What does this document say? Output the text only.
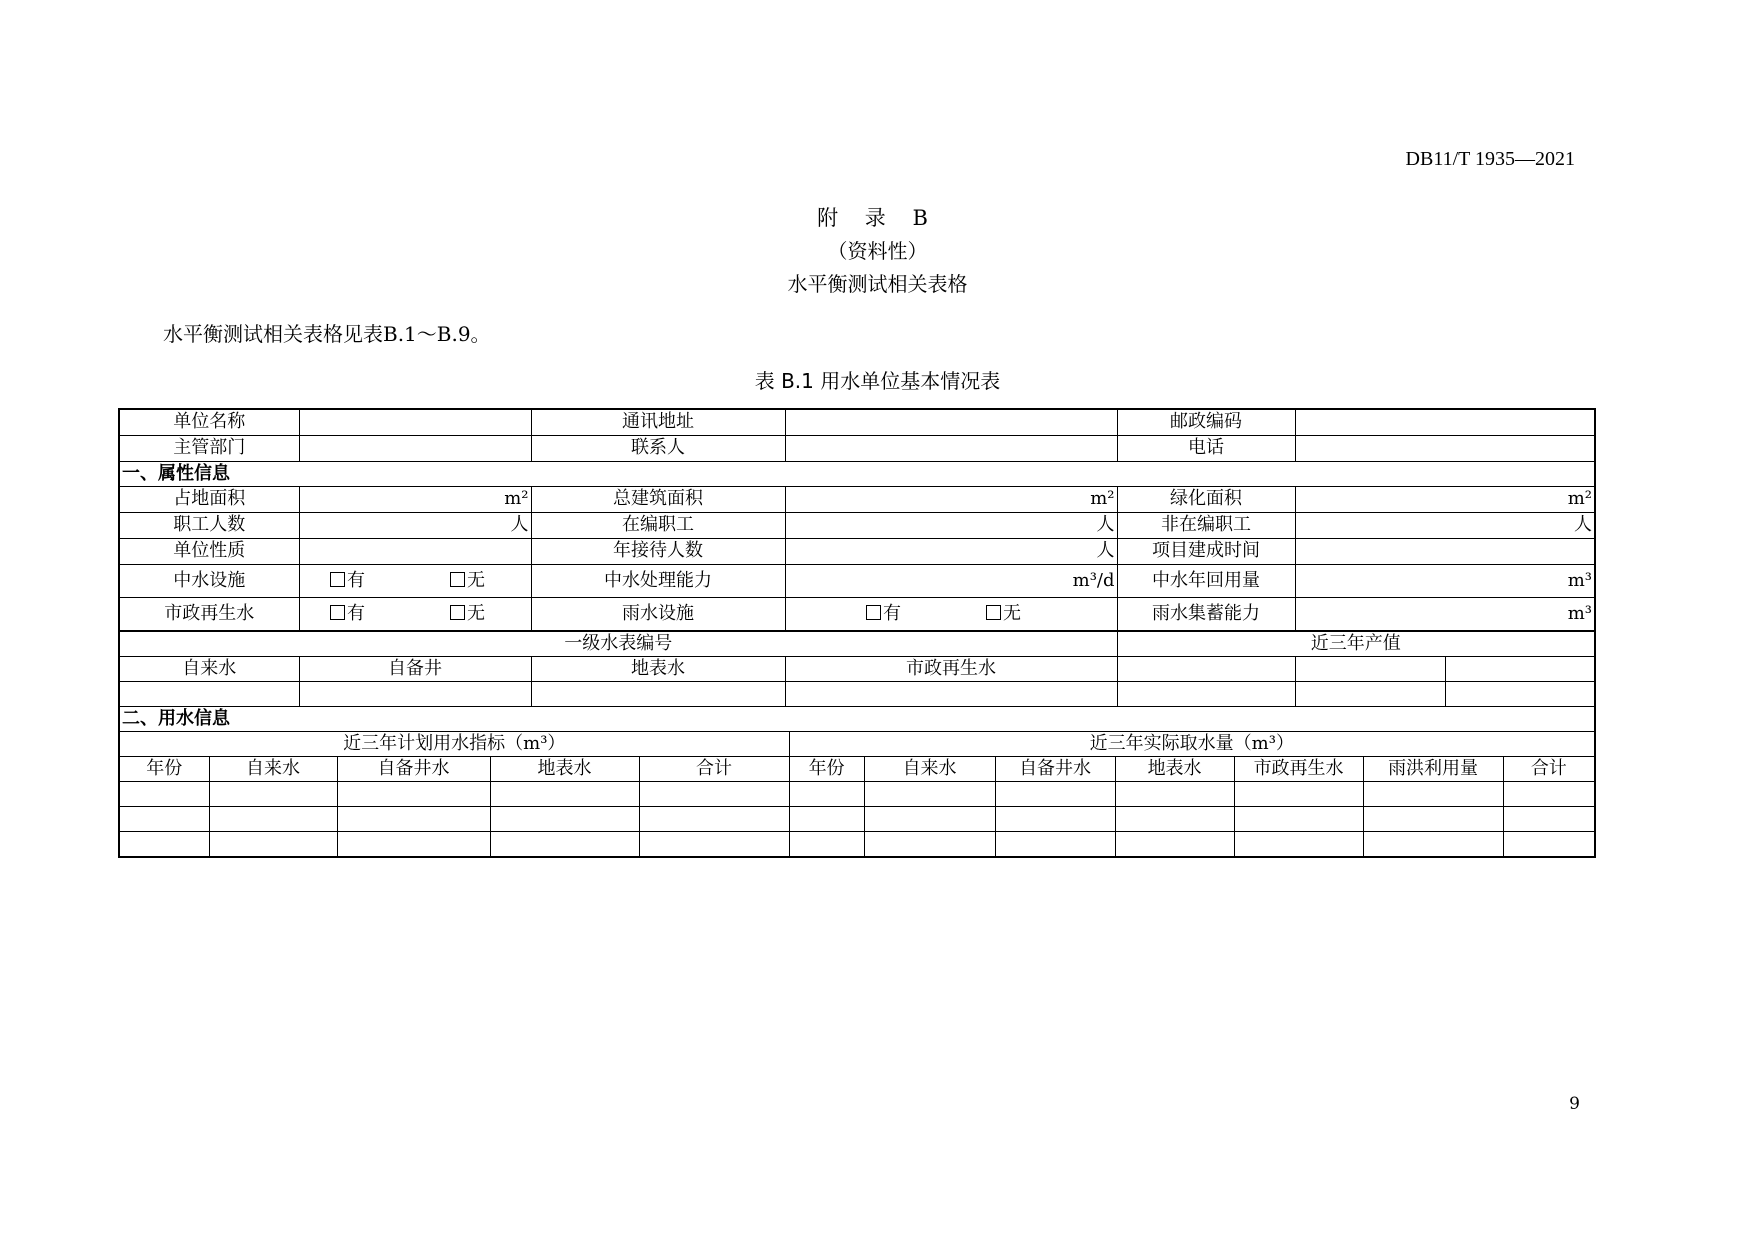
DB11/T 1935—2021
附 录 B
（资料性）
水平衡测试相关表格
水平衡测试相关表格见表B.1～B.9。
表 B.1 用水单位基本情况表
单位名称		通讯地址		邮政编码	
主管部门		联系人		电话	
一、属性信息					
占地面积	m²	总建筑面积	m²	绿化面积	m²
职工人数	人	在编职工	人	非在编职工	人
单位性质		年接待人数	人	项目建成时间	
中水设施	有 无	中水处理能力	m³/d	中水年回用量	m³
市政再生水	有 无	雨水设施	有 无	雨水集蓄能力	m³
一级水表编号				近三年产值		
自来水	自备井	地表水	市政再生水			

二、用水信息						
近三年计划用水指标（m³）					近三年实际取水量（m³）						
年份	自来水	自备井水	地表水	合计	年份	自来水	自备井水	地表水	市政再生水	雨洪利用量	合计

9
